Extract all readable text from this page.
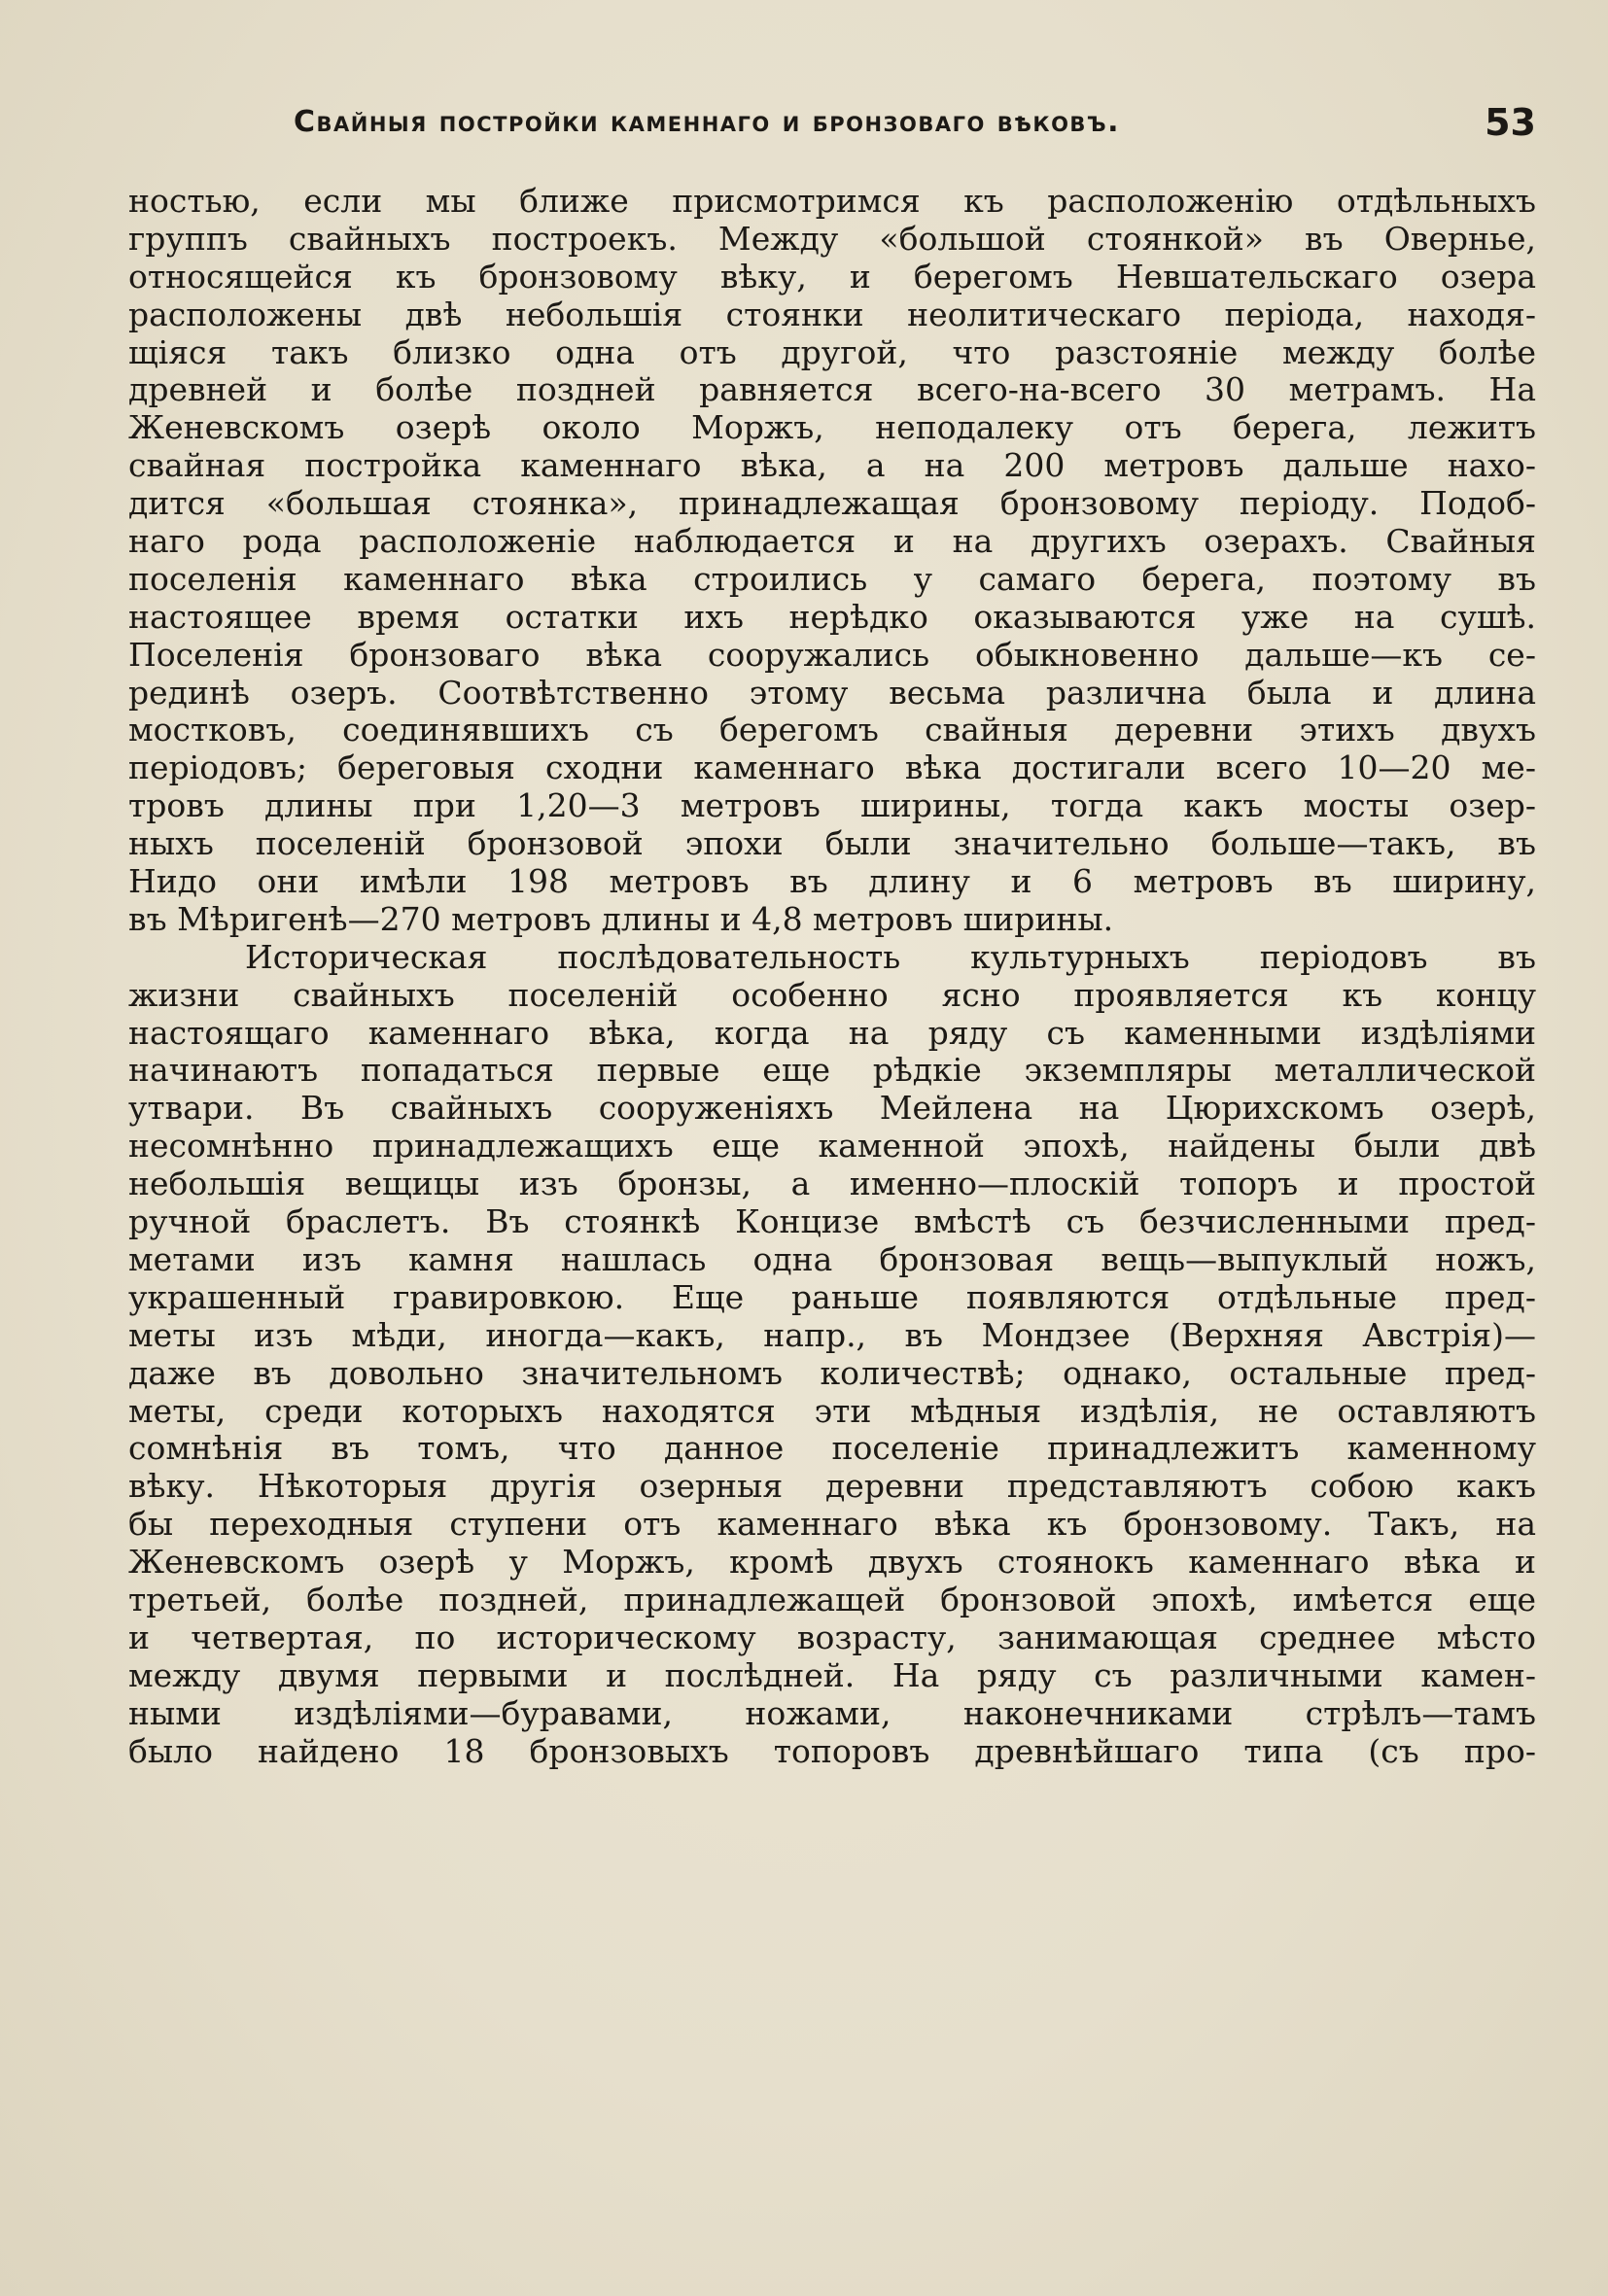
Свайныя постройки каменнаго и бронзоваго вѣковъ.	53
ностью, если мы ближе присмотримся къ расположенію отдѣльныхъ
группъ свайныхъ построекъ. Между «большой стоянкой» въ Овернье,
относящейся къ бронзовому вѣку, и берегомъ Невшательскаго озера
расположены двѣ небольшія стоянки неолитическаго періода, находя-
щіяся такъ близко одна отъ другой, что разстояніе между болѣе
древней и болѣе поздней равняется всего-на-всего 30 метрамъ. На
Женевскомъ озерѣ около Моржъ, неподалеку отъ берега, лежитъ
свайная постройка каменнаго вѣка, а на 200 метровъ дальше нахо-
дится «большая стоянка», принадлежащая бронзовому періоду. Подоб-
наго рода расположеніе наблюдается и на другихъ озерахъ. Свайныя
поселенія каменнаго вѣка строились у самаго берега, поэтому въ
настоящее время остатки ихъ нерѣдко оказываются уже на сушѣ.
Поселенія бронзоваго вѣка сооружались обыкновенно дальше—къ се-
рединѣ озеръ. Соотвѣтственно этому весьма различна была и длина
мостковъ, соединявшихъ съ берегомъ свайныя деревни этихъ двухъ
періодовъ; береговыя сходни каменнаго вѣка достигали всего 10—20 ме-
тровъ длины при 1,20—3 метровъ ширины, тогда какъ мосты озер-
ныхъ поселеній бронзовой эпохи были значительно больше—такъ, въ
Нидо они имѣли 198 метровъ въ длину и 6 метровъ въ ширину,
въ Мѣригенѣ—270 метровъ длины и 4,8 метровъ ширины.
Историческая послѣдовательность культурныхъ періодовъ въ
жизни свайныхъ поселеній особенно ясно проявляется къ концу
настоящаго каменнаго вѣка, когда на ряду съ каменными издѣліями
начинаютъ попадаться первые еще рѣдкіе экземпляры металлической
утвари. Въ свайныхъ сооруженіяхъ Мейлена на Цюрихскомъ озерѣ,
несомнѣнно принадлежащихъ еще каменной эпохѣ, найдены были двѣ
небольшія вещицы изъ бронзы, а именно—плоскій топоръ и простой
ручной браслетъ. Въ стоянкѣ Концизе вмѣстѣ съ безчисленными пред-
метами изъ камня нашлась одна бронзовая вещь—выпуклый ножъ,
украшенный гравировкою. Еще раньше появляются отдѣльные пред-
меты изъ мѣди, иногда—какъ, напр., въ Мондзее (Верхняя Австрія)—
даже въ довольно значительномъ количествѣ; однако, остальные пред-
меты, среди которыхъ находятся эти мѣдныя издѣлія, не оставляютъ
сомнѣнія въ томъ, что данное поселеніе принадлежитъ каменному
вѣку. Нѣкоторыя другія озерныя деревни представляютъ собою какъ
бы переходныя ступени отъ каменнаго вѣка къ бронзовому. Такъ, на
Женевскомъ озерѣ у Моржъ, кромѣ двухъ стоянокъ каменнаго вѣка и
третьей, болѣе поздней, принадлежащей бронзовой эпохѣ, имѣется еще
и четвертая, по историческому возрасту, занимающая среднее мѣсто
между двумя первыми и послѣдней. На ряду съ различными камен-
ными издѣліями—буравами, ножами, наконечниками стрѣлъ—тамъ
было найдено 18 бронзовыхъ топоровъ древнѣйшаго типа (съ про-
